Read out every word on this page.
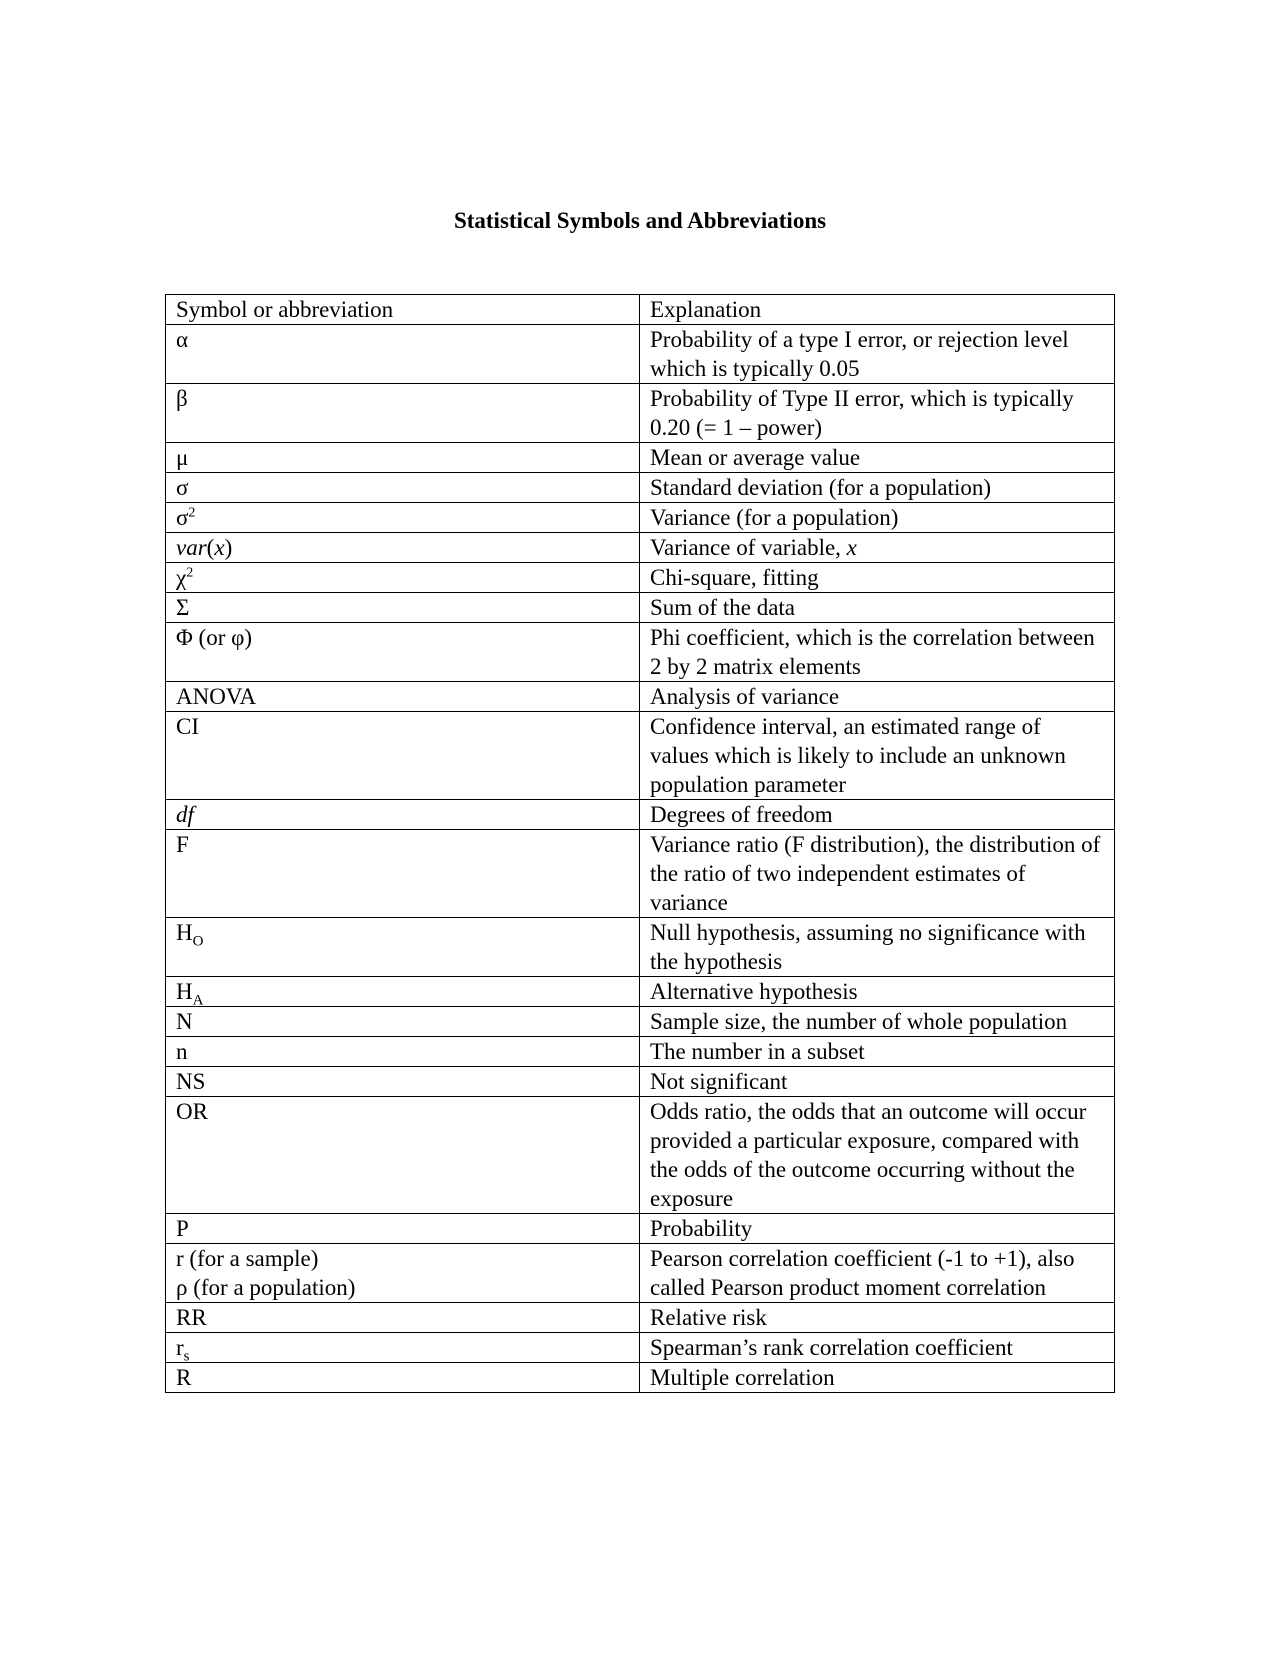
Statistical Symbols and Abbreviations
Symbol or abbreviation	Explanation
α	Probability of a type I error, or rejection level which is typically 0.05
β	Probability of Type II error, which is typically 0.20 (= 1 – power)
μ	Mean or average value
σ	Standard deviation (for a population)
$\sigma^2$	Variance (for a population)
var(x)	Variance of variable, x
$\chi^2$	Chi-square, fitting
Σ	Sum of the data
Φ (or φ)	Phi coefficient, which is the correlation between 2 by 2 matrix elements
ANOVA	Analysis of variance
CI	Confidence interval, an estimated range of values which is likely to include an unknown population parameter
df	Degrees of freedom
F	Variance ratio (F distribution), the distribution of the ratio of two independent estimates of variance
$H_O$	Null hypothesis, assuming no significance with the hypothesis
$H_A$	Alternative hypothesis
N	Sample size, the number of whole population
n	The number in a subset
NS	Not significant
OR	Odds ratio, the odds that an outcome will occur provided a particular exposure, compared with the odds of the outcome occurring without the exposure
P	Probability

r (for a sample)
ρ (for a population)	Pearson correlation coefficient (-1 to +1), also called Pearson product moment correlation
RR	Relative risk
$r_s$	Spearman’s rank correlation coefficient
R	Multiple correlation
